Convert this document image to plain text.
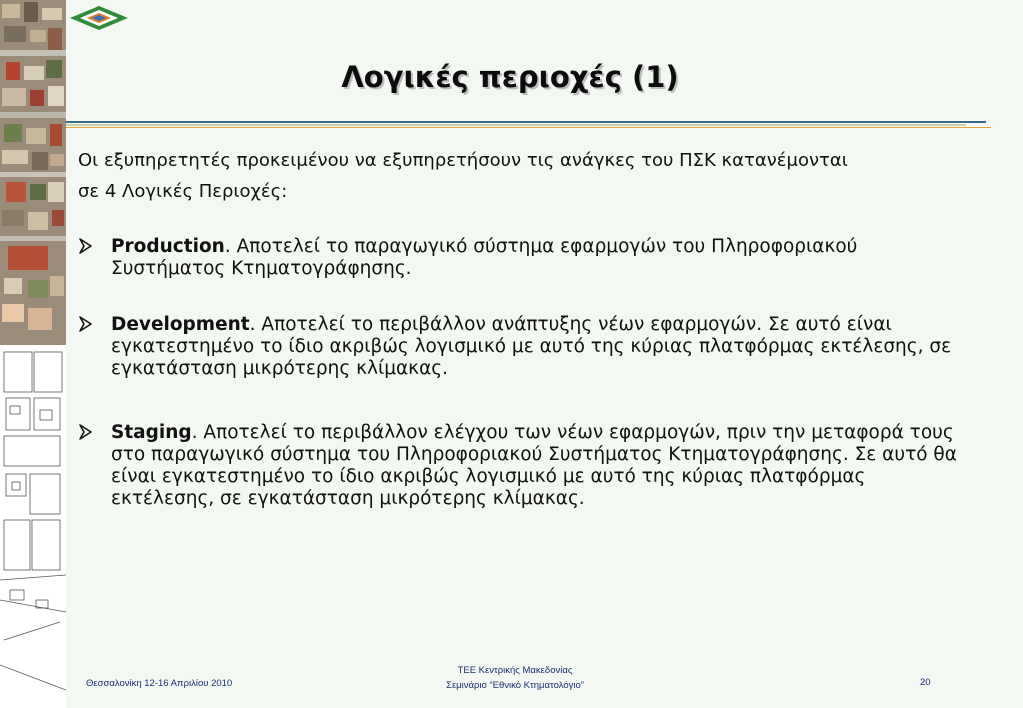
Λογικές περιοχές (1)
Οι εξυπηρετητές προκειμένου να εξυπηρετήσουν τις ανάγκες του ΠΣΚ κατανέμονται
σε 4 Λογικές Περιοχές:
Production. Αποτελεί το παραγωγικό σύστημα εφαρμογών του Πληροφοριακού Συστήματος Κτηματογράφησης.
Development. Αποτελεί το περιβάλλον ανάπτυξης νέων εφαρμογών. Σε αυτό είναι εγκατεστημένο το ίδιο ακριβώς λογισμικό με αυτό της κύριας πλατφόρμας εκτέλεσης, σε εγκατάσταση μικρότερης κλίμακας.
Staging. Αποτελεί το περιβάλλον ελέγχου των νέων εφαρμογών, πριν την μεταφορά τους στο παραγωγικό σύστημα του Πληροφοριακού Συστήματος Κτηματογράφησης. Σε αυτό θα είναι εγκατεστημένο το ίδιο ακριβώς λογισμικό με αυτό της κύριας πλατφόρμας εκτέλεσης, σε εγκατάσταση μικρότερης κλίμακας.
Θεσσαλονίκη 12-16 Απριλίου 2010
ΤΕΕ Κεντρικής Μακεδονίας
Σεμινάριο “Εθνικό Κτηματολόγιο”	20
